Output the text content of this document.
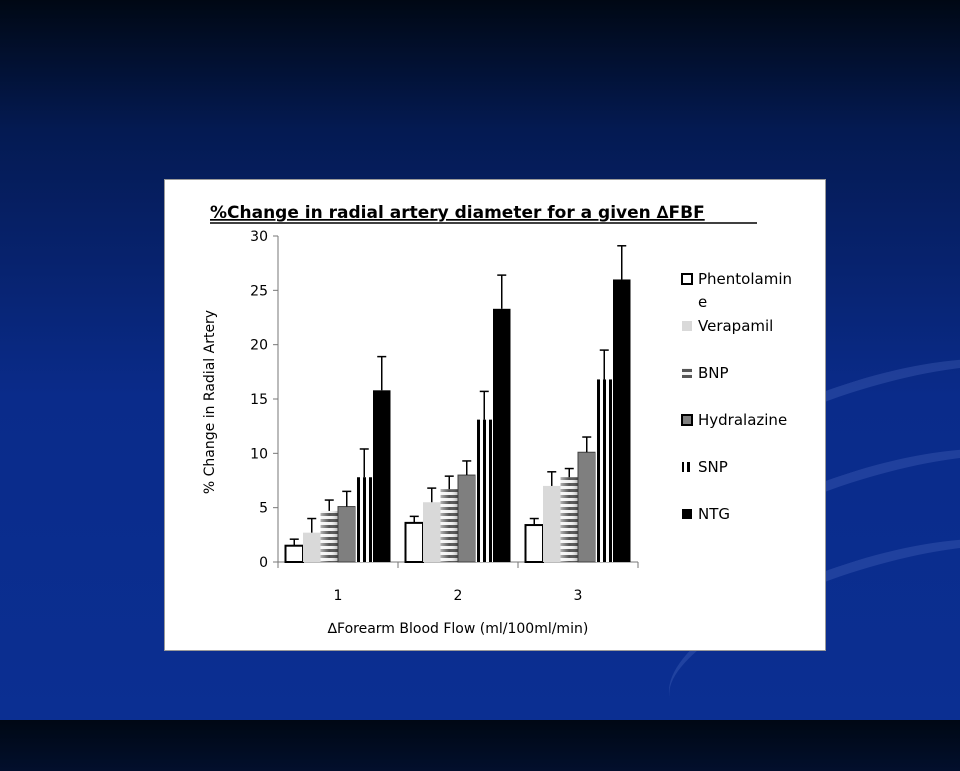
%Change in radial artery diameter for a given ∆FBF
% Change in Radial Artery
∆Forearm Blood Flow (ml/100ml/min)
0
5
10
15
20
25
30
1	2	3
Phentolamin
e
Verapamil
BNP
Hydralazine
SNP
NTG
